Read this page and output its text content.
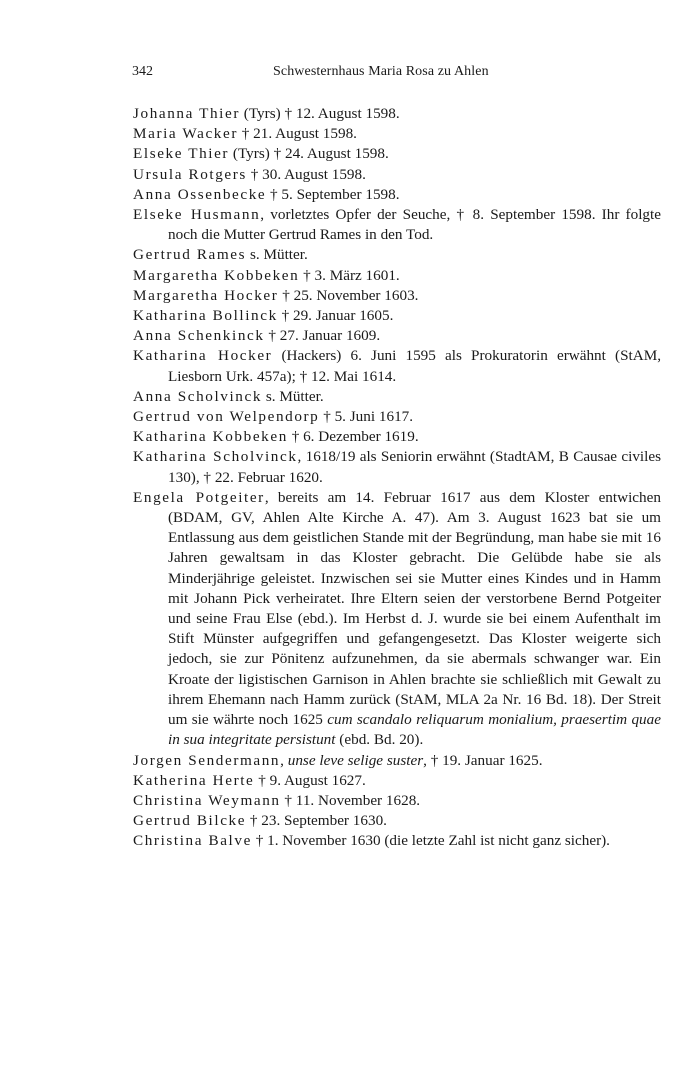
342	Schwesternhaus Maria Rosa zu Ahlen
Johanna Thier (Tyrs) † 12. August 1598.
Maria Wacker † 21. August 1598.
Elseke Thier (Tyrs) † 24. August 1598.
Ursula Rotgers † 30. August 1598.
Anna Ossenbecke † 5. September 1598.
Elseke Husmann, vorletztes Opfer der Seuche, † 8. September 1598. Ihr folgte noch die Mutter Gertrud Rames in den Tod.
Gertrud Rames s. Mütter.
Margaretha Kobbeken † 3. März 1601.
Margaretha Hocker † 25. November 1603.
Katharina Bollinck † 29. Januar 1605.
Anna Schenkinck † 27. Januar 1609.
Katharina Hocker (Hackers) 6. Juni 1595 als Prokuratorin erwähnt (StAM, Liesborn Urk. 457a); † 12. Mai 1614.
Anna Scholvinck s. Mütter.
Gertrud von Welpendorp † 5. Juni 1617.
Katharina Kobbeken † 6. Dezember 1619.
Katharina Scholvinck, 1618/19 als Seniorin erwähnt (StadtAM, B Causae civiles 130), † 22. Februar 1620.
Engela Potgeiter, bereits am 14. Februar 1617 aus dem Kloster entwichen (BDAM, GV, Ahlen Alte Kirche A. 47). Am 3. August 1623 bat sie um Entlassung aus dem geistlichen Stande mit der Begründung, man habe sie mit 16 Jahren gewaltsam in das Kloster gebracht. Die Gelübde habe sie als Minderjährige geleistet. Inzwischen sei sie Mutter eines Kindes und in Hamm mit Johann Pick verheiratet. Ihre Eltern seien der verstorbene Bernd Potgeiter und seine Frau Else (ebd.). Im Herbst d. J. wurde sie bei einem Aufenthalt im Stift Münster aufgegriffen und gefangengesetzt. Das Kloster weigerte sich jedoch, sie zur Pönitenz aufzunehmen, da sie abermals schwanger war. Ein Kroate der ligistischen Garnison in Ahlen brachte sie schließlich mit Gewalt zu ihrem Ehemann nach Hamm zurück (StAM, MLA 2a Nr. 16 Bd. 18). Der Streit um sie währte noch 1625 cum scandalo reliquarum monialium, praesertim quae in sua integritate persistunt (ebd. Bd. 20).
Jorgen Sendermann, unse leve selige suster, † 19. Januar 1625.
Katherina Herte † 9. August 1627.
Christina Weymann † 11. November 1628.
Gertrud Bilcke † 23. September 1630.
Christina Balve † 1. November 1630 (die letzte Zahl ist nicht ganz sicher).
